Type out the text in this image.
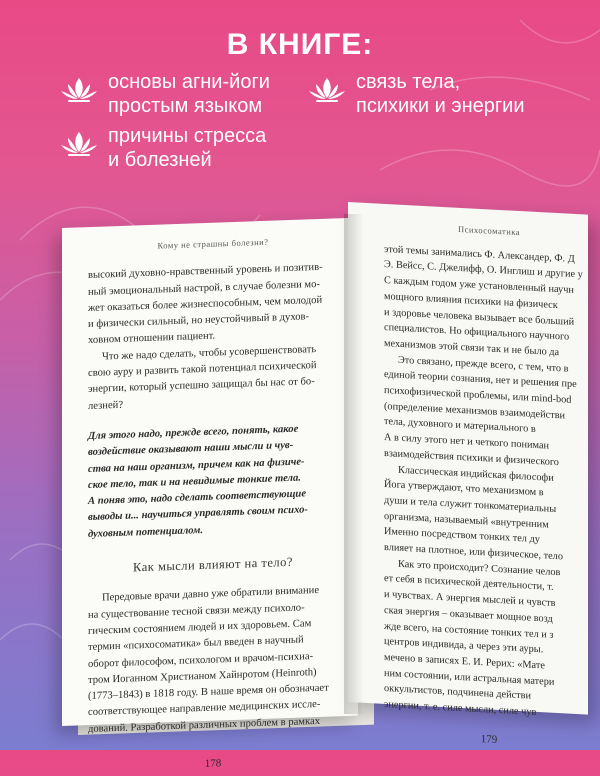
В КНИГЕ:
основы агни-йоги
простым языком
связь тела,
психики и энергии
причины стресса
и болезней
Кому не страшны болезни?

высокий духовно-нравственный уровень и позитив-

ный эмоциональный настрой, в случае болезни мо-

жет оказаться более жизнеспособным, чем молодой

и физически сильный, но неустойчивый в духов-

ховном отношении пациент.

Что же надо сделать, чтобы усовершенствовать

свою ауру и развить такой потенциал психической

энергии, который успешно защищал бы нас от бо-

лезней?

Для этого надо, прежде всего, понять, какое

воздействие оказывают наши мысли и чув-

ства на наш организм, причем как на физиче-

ское тело, так и на невидимые тонкие тела.

А поняв это, надо сделать соответствующие

выводы и... научиться управлять своим психо-

духовным потенциалом.

Как мысли влияют на тело?

Передовые врачи давно уже обратили внимание

на существование тесной связи между психоло-

гическим состоянием людей и их здоровьем. Сам

термин «психосоматика» был введен в научный

оборот философом, психологом и врачом-психиа-

тром Иоганном Христианом Хайнротом (Heinroth)

(1773–1843) в 1818 году. В наше время он обозначает

соответствующее направление медицинских иссле-

дований. Разработкой различных проблем в рамках

178
Психосоматика

этой темы занимались Ф. Александер, Ф. Д

Э. Вейсс, С. Джелифф, О. Инглиш и другие у

С каждым годом уже установленный научн

мощного влияния психики на физическ

и здоровье человека вызывает все больший

специалистов. Но официального научного

механизмов этой связи так и не было да

Это связано, прежде всего, с тем, что в

единой теории сознания, нет и решения пре

психофизической проблемы, или mind-bod

(определение механизмов взаимодействи

тела, духовного и материального в

А в силу этого нет и четкого пониман

взаимодействия психики и физического

Классическая индийская философи

Йога утверждают, что механизмом в

души и тела служит тонкоматериальны

организма, называемый «внутренним

Именно посредством тонких тел ду

влияет на плотное, или физическое, тело

Как это происходит? Сознание челов

ет себя в психической деятельности, т.

и чувствах. А энергия мыслей и чувств

ская энергия – оказывает мощное возд

жде всего, на состояние тонких тел и з

центров индивида, а через эти ауры.

мечено в записях Е. И. Рерих: «Мате

ним состоянии, или астральная матери

оккультистов, подчинена действи

энергии, т. е. силе мысли, силе чув

179
